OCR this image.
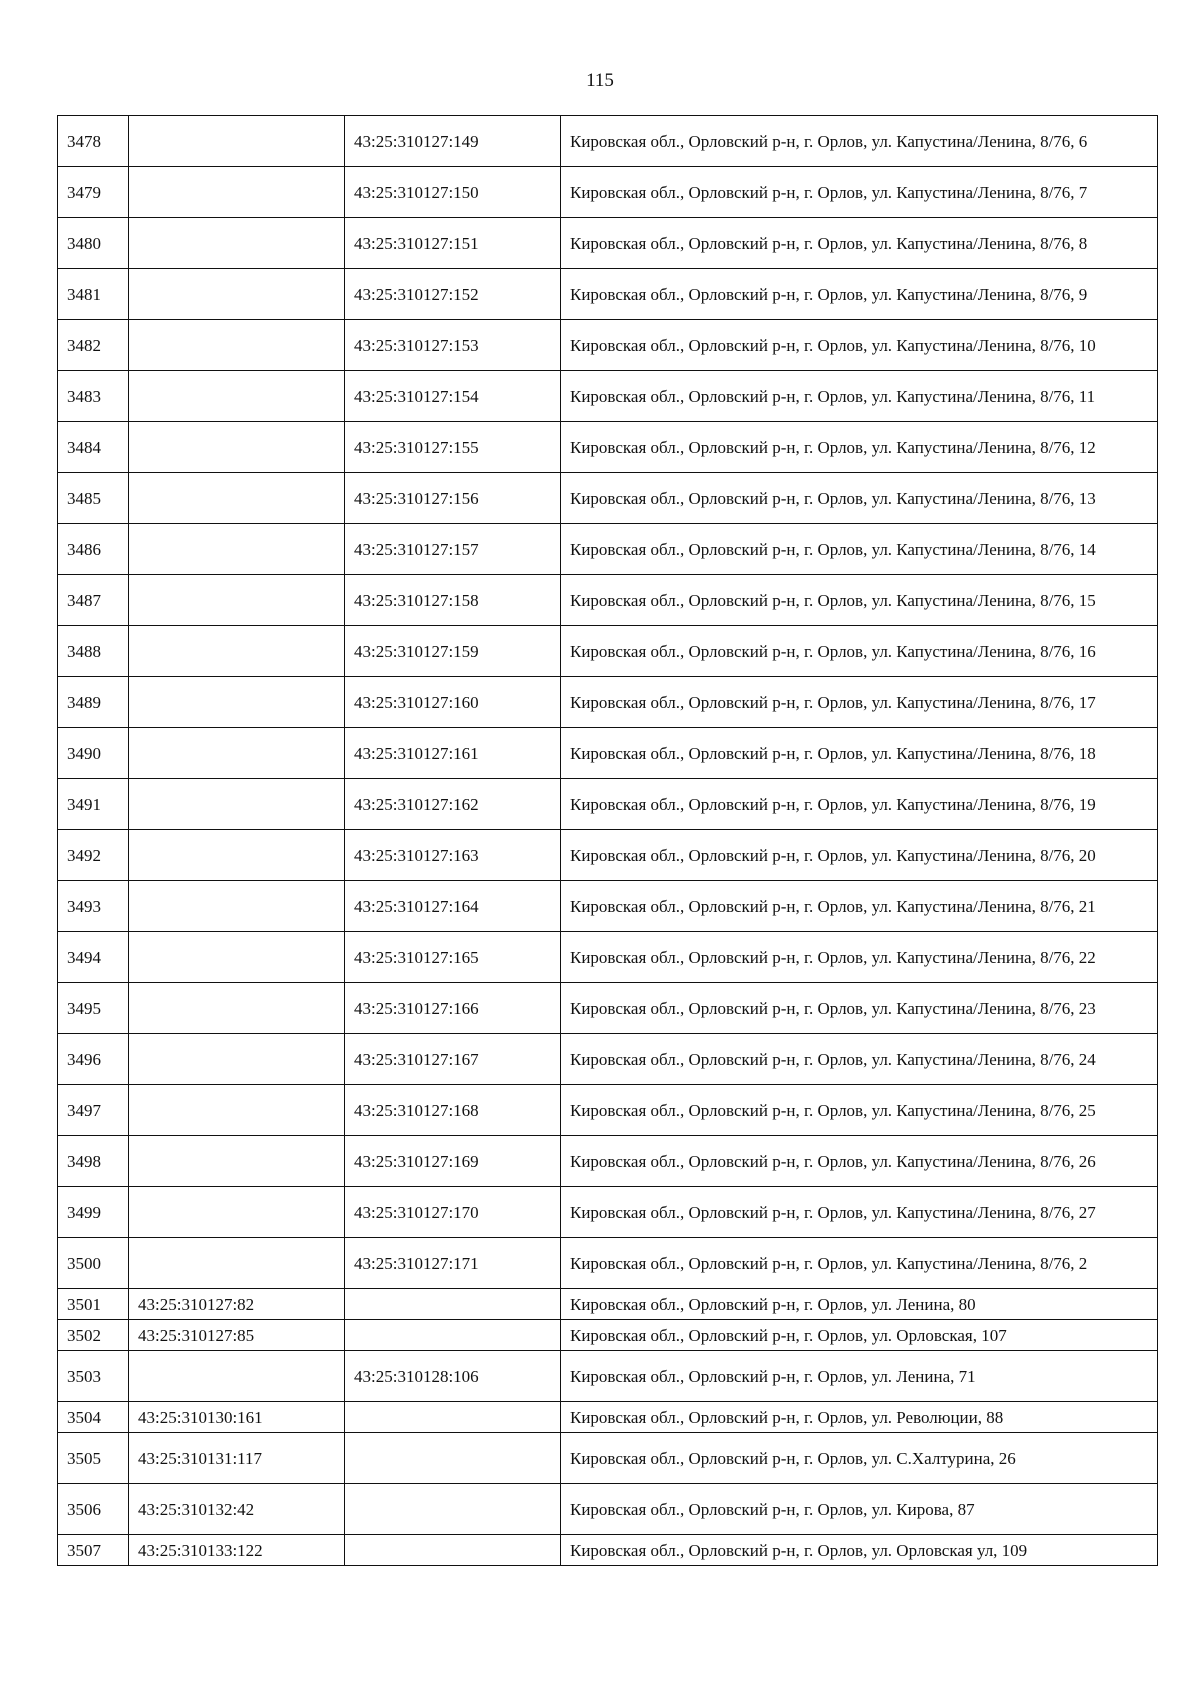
115
3478		43:25:310127:149	Кировская обл., Орловский р-н, г. Орлов, ул. Капустина/Ленина, 8/76, 6
3479		43:25:310127:150	Кировская обл., Орловский р-н, г. Орлов, ул. Капустина/Ленина, 8/76, 7
3480		43:25:310127:151	Кировская обл., Орловский р-н, г. Орлов, ул. Капустина/Ленина, 8/76, 8
3481		43:25:310127:152	Кировская обл., Орловский р-н, г. Орлов, ул. Капустина/Ленина, 8/76, 9
3482		43:25:310127:153	Кировская обл., Орловский р-н, г. Орлов, ул. Капустина/Ленина, 8/76, 10
3483		43:25:310127:154	Кировская обл., Орловский р-н, г. Орлов, ул. Капустина/Ленина, 8/76, 11
3484		43:25:310127:155	Кировская обл., Орловский р-н, г. Орлов, ул. Капустина/Ленина, 8/76, 12
3485		43:25:310127:156	Кировская обл., Орловский р-н, г. Орлов, ул. Капустина/Ленина, 8/76, 13
3486		43:25:310127:157	Кировская обл., Орловский р-н, г. Орлов, ул. Капустина/Ленина, 8/76, 14
3487		43:25:310127:158	Кировская обл., Орловский р-н, г. Орлов, ул. Капустина/Ленина, 8/76, 15
3488		43:25:310127:159	Кировская обл., Орловский р-н, г. Орлов, ул. Капустина/Ленина, 8/76, 16
3489		43:25:310127:160	Кировская обл., Орловский р-н, г. Орлов, ул. Капустина/Ленина, 8/76, 17
3490		43:25:310127:161	Кировская обл., Орловский р-н, г. Орлов, ул. Капустина/Ленина, 8/76, 18
3491		43:25:310127:162	Кировская обл., Орловский р-н, г. Орлов, ул. Капустина/Ленина, 8/76, 19
3492		43:25:310127:163	Кировская обл., Орловский р-н, г. Орлов, ул. Капустина/Ленина, 8/76, 20
3493		43:25:310127:164	Кировская обл., Орловский р-н, г. Орлов, ул. Капустина/Ленина, 8/76, 21
3494		43:25:310127:165	Кировская обл., Орловский р-н, г. Орлов, ул. Капустина/Ленина, 8/76, 22
3495		43:25:310127:166	Кировская обл., Орловский р-н, г. Орлов, ул. Капустина/Ленина, 8/76, 23
3496		43:25:310127:167	Кировская обл., Орловский р-н, г. Орлов, ул. Капустина/Ленина, 8/76, 24
3497		43:25:310127:168	Кировская обл., Орловский р-н, г. Орлов, ул. Капустина/Ленина, 8/76, 25
3498		43:25:310127:169	Кировская обл., Орловский р-н, г. Орлов, ул. Капустина/Ленина, 8/76, 26
3499		43:25:310127:170	Кировская обл., Орловский р-н, г. Орлов, ул. Капустина/Ленина, 8/76, 27
3500		43:25:310127:171	Кировская обл., Орловский р-н, г. Орлов, ул. Капустина/Ленина, 8/76, 2
3501	43:25:310127:82		Кировская обл., Орловский р-н, г. Орлов, ул. Ленина, 80
3502	43:25:310127:85		Кировская обл., Орловский р-н, г. Орлов, ул. Орловская, 107
3503		43:25:310128:106	Кировская обл., Орловский р-н, г. Орлов, ул. Ленина, 71
3504	43:25:310130:161		Кировская обл., Орловский р-н, г. Орлов, ул. Революции, 88
3505	43:25:310131:117		Кировская обл., Орловский р-н, г. Орлов, ул. С.Халтурина, 26
3506	43:25:310132:42		Кировская обл., Орловский р-н, г. Орлов, ул. Кирова, 87
3507	43:25:310133:122		Кировская обл., Орловский р-н, г. Орлов, ул. Орловская ул, 109
